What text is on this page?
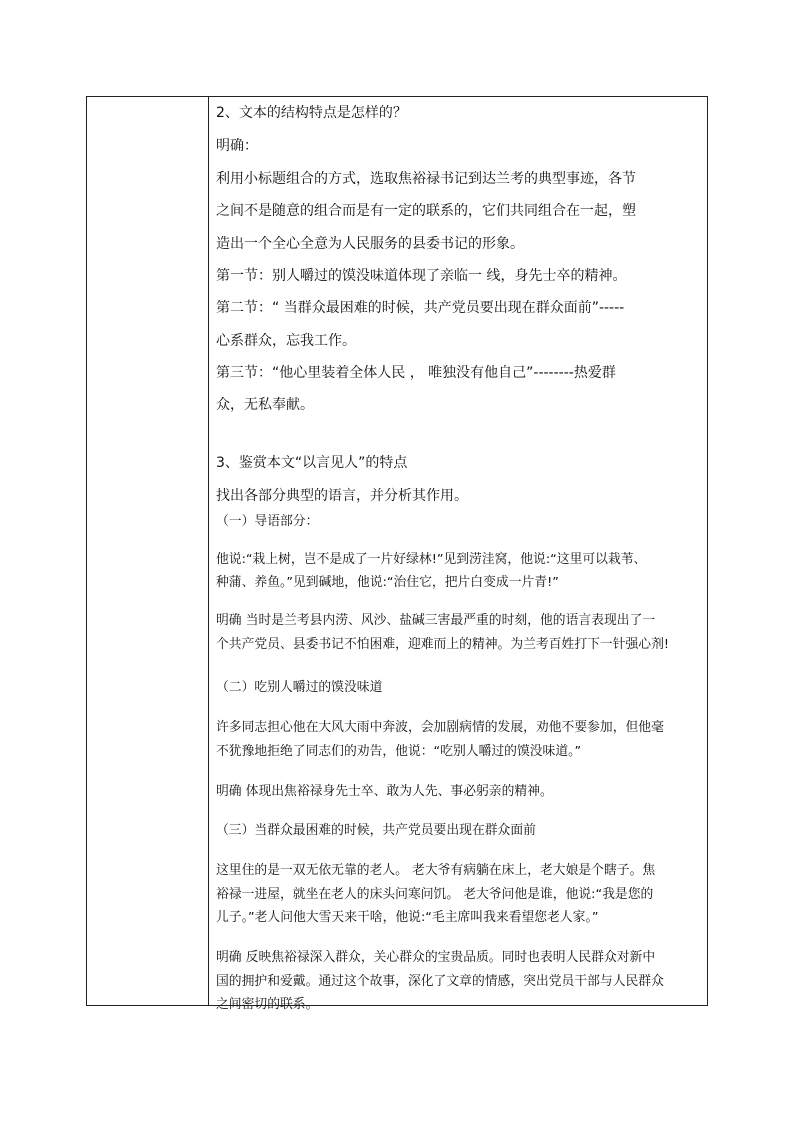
2、文本的结构特点是怎样的？
明确：
利用小标题组合的方式，选取焦裕禄书记到达兰考的典型事迹，各节
之间不是随意的组合而是有一定的联系的，它们共同组合在一起，塑
造出一个全心全意为人民服务的县委书记的形象。
第一节：别人嚼过的馍没味道体现了亲临一 线，身先士卒的精神。
第二节：“ 当群众最困难的时候，共产党员要出现在群众面前”-----
心系群众，忘我工作。
第三节：“他心里装着全体人民 ， 唯独没有他自己”--------热爱群
众，无私奉献。
3、鉴赏本文“以言见人”的特点
找出各部分典型的语言，并分析其作用。
（一）导语部分：
他说:“栽上树，岂不是成了一片好绿林!”见到涝洼窝，他说:“这里可以栽苇、
种蒲、养鱼。”见到碱地，他说:“治住它，把片白变成一片青!”
明确 当时是兰考县内涝、风沙、盐碱三害最严重的时刻，他的语言表现出了一
个共产党员、县委书记不怕困难，迎难而上的精神。为兰考百姓打下一针强心剂!
（二）吃别人嚼过的馍没味道
许多同志担心他在大风大雨中奔波，会加剧病情的发展，劝他不要参加，但他毫
不犹豫地拒绝了同志们的劝告，他说：“吃别人嚼过的馍没味道。”
明确 体现出焦裕禄身先士卒、敢为人先、事必躬亲的精神。
（三）当群众最困难的时候，共产党员要出现在群众面前
这里住的是一双无依无靠的老人。 老大爷有病躺在床上，老大娘是个瞎子。焦
裕禄一进屋，就坐在老人的床头问寒问饥。 老大爷问他是谁，他说:“我是您的
儿子。”老人问他大雪天来干啥，他说:“毛主席叫我来看望您老人家。”
明确 反映焦裕禄深入群众，关心群众的宝贵品质。同时也表明人民群众对新中
国的拥护和爱戴。通过这个故事，深化了文章的情感，突出党员干部与人民群众
之间密切的联系。
